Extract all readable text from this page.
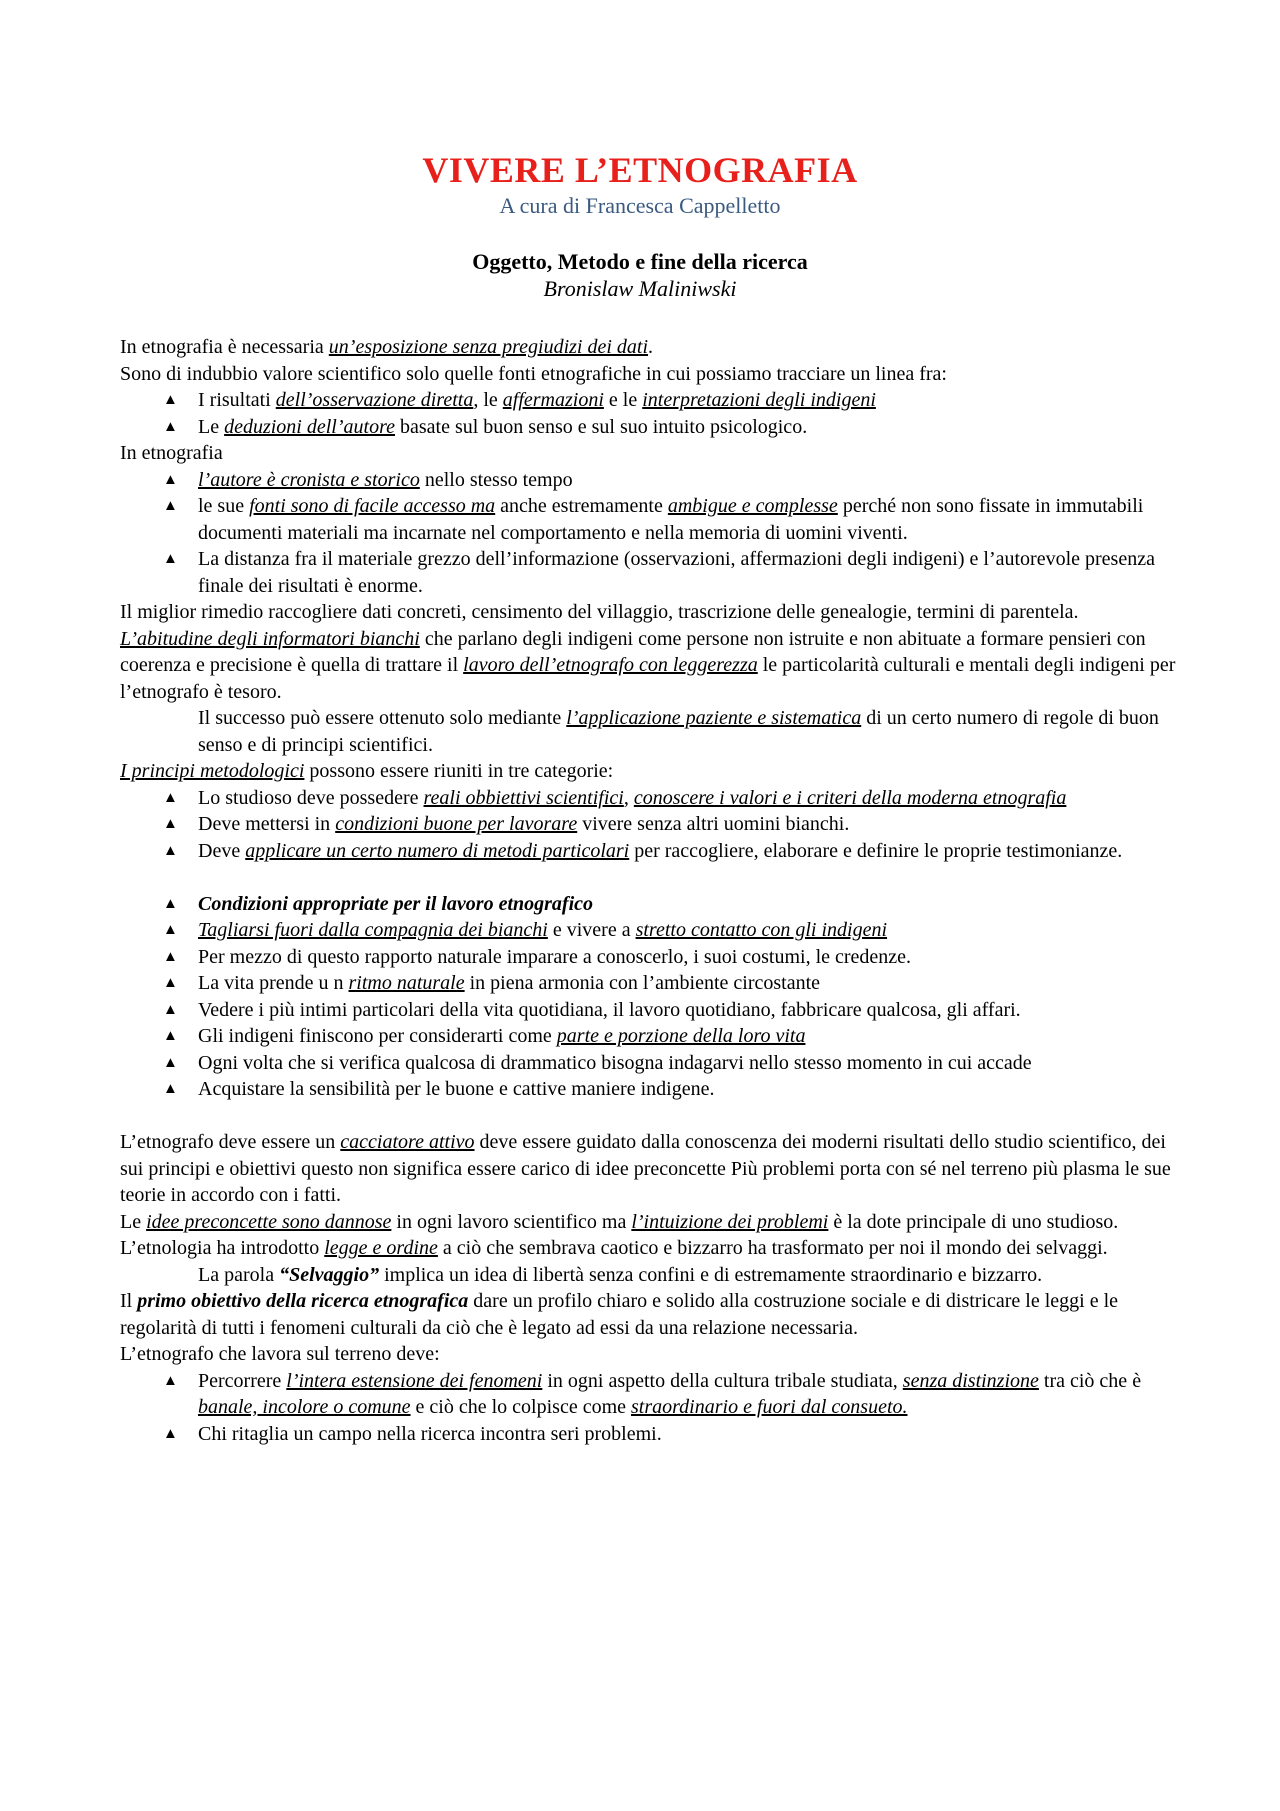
VIVERE L’ETNOGRAFIA
A cura di Francesca Cappelletto
Oggetto, Metodo e fine della ricerca
Bronislaw Maliniwski

In etnografia è necessaria un’esposizione senza pregiudizi dei dati.

Sono di indubbio valore scientifico solo quelle fonti etnografiche in cui possiamo tracciare un linea fra:

▲ I risultati dell’osservazione diretta, le affermazioni e le interpretazioni degli indigeni
▲ Le deduzioni dell’autore basate sul buon senso e sul suo intuito psicologico.

In etnografia

▲ l’autore è cronista e storico nello stesso tempo
▲ le sue fonti sono di facile accesso ma anche estremamente ambigue e complesse perché non sono fissate in immutabili documenti materiali ma incarnate nel comportamento e nella memoria di uomini viventi.
▲ La distanza fra il materiale grezzo dell’informazione (osservazioni, affermazioni degli indigeni) e l’autorevole presenza finale dei risultati è enorme.

Il miglior rimedio raccogliere dati concreti, censimento del villaggio, trascrizione delle genealogie, termini di parentela.

L’abitudine degli informatori bianchi che parlano degli indigeni come persone non istruite e non abituate a formare pensieri con coerenza e precisione è quella di trattare il lavoro dell’etnografo con leggerezza le particolarità culturali e mentali degli indigeni per l’etnografo è tesoro.

Il successo può essere ottenuto solo mediante l’applicazione paziente e sistematica di un certo numero di regole di buon senso e di principi scientifici.

I principi metodologici possono essere riuniti in tre categorie:

▲ Lo studioso deve possedere reali obbiettivi scientifici, conoscere i valori e i criteri della moderna etnografia
▲ Deve mettersi in condizioni buone per lavorare vivere senza altri uomini bianchi.
▲ Deve applicare un certo numero di metodi particolari per raccogliere, elaborare e definire le proprie testimonianze.
▲ Condizioni appropriate per il lavoro etnografico
▲ Tagliarsi fuori dalla compagnia dei bianchi e vivere a stretto contatto con gli indigeni
▲ Per mezzo di questo rapporto naturale imparare a conoscerlo, i suoi costumi, le credenze.
▲ La vita prende u n ritmo naturale in piena armonia con l’ambiente circostante
▲ Vedere i più intimi particolari della vita quotidiana, il lavoro quotidiano, fabbricare qualcosa, gli affari.
▲ Gli indigeni finiscono per considerarti come parte e porzione della loro vita
▲ Ogni volta che si verifica qualcosa di drammatico bisogna indagarvi nello stesso momento in cui accade
▲ Acquistare la sensibilità per le buone e cattive maniere indigene.

L’etnografo deve essere un cacciatore attivo deve essere guidato dalla conoscenza dei moderni risultati dello studio scientifico, dei sui principi e obiettivi questo non significa essere carico di idee preconcette Più problemi porta con sé nel terreno più plasma le sue teorie in accordo con i fatti.

Le idee preconcette sono dannose in ogni lavoro scientifico ma l’intuizione dei problemi è la dote principale di uno studioso.

L’etnologia ha introdotto legge e ordine a ciò che sembrava caotico e bizzarro ha trasformato per noi il mondo dei selvaggi.

La parola “Selvaggio” implica un idea di libertà senza confini e di estremamente straordinario e bizzarro.

Il primo obiettivo della ricerca etnografica dare un profilo chiaro e solido alla costruzione sociale e di districare le leggi e le regolarità di tutti i fenomeni culturali da ciò che è legato ad essi da una relazione necessaria.

L’etnografo che lavora sul terreno deve:

▲ Percorrere l’intera estensione dei fenomeni in ogni aspetto della cultura tribale studiata, senza distinzione tra ciò che è banale, incolore o comune e ciò che lo colpisce come straordinario e fuori dal consueto.
▲ Chi ritaglia un campo nella ricerca incontra seri problemi.
